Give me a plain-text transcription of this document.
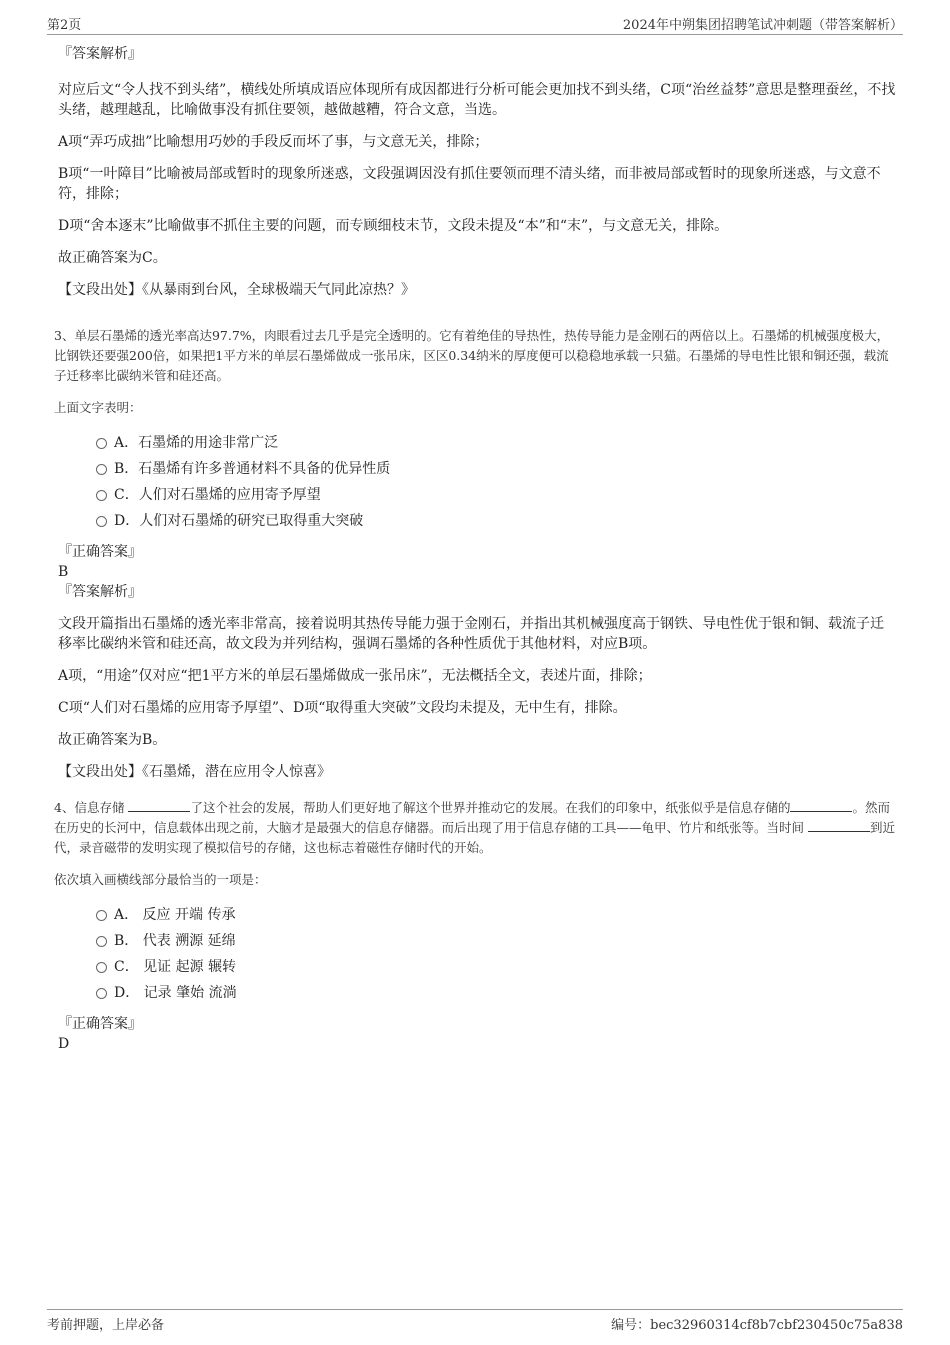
第2页	2024年中朔集团招聘笔试冲刺题（带答案解析）
『答案解析』

对应后文“令人找不到头绪”，横线处所填成语应体现所有成因都进行分析可能会更加找不到头绪，C项“治丝益棼”意思是整理蚕丝，不找头绪，越理越乱，比喻做事没有抓住要领，越做越糟，符合文意，当选。

A项“弄巧成拙”比喻想用巧妙的手段反而坏了事，与文意无关，排除；

B项“一叶障目”比喻被局部或暂时的现象所迷惑，文段强调因没有抓住要领而理不清头绪，而非被局部或暂时的现象所迷惑，与文意不符，排除；

D项“舍本逐末”比喻做事不抓住主要的问题，而专顾细枝末节，文段未提及“本”和“末”，与文意无关，排除。

故正确答案为C。

【文段出处】《从暴雨到台风，全球极端天气同此凉热？》

3、单层石墨烯的透光率高达97.7%，肉眼看过去几乎是完全透明的。它有着绝佳的导热性，热传导能力是金刚石的两倍以上。石墨烯的机械强度极大，比钢铁还要强200倍，如果把1平方米的单层石墨烯做成一张吊床，区区0.34纳米的厚度便可以稳稳地承载一只猫。石墨烯的导电性比银和铜还强，载流子迁移率比碳纳米管和硅还高。

上面文字表明：

A．石墨烯的用途非常广泛
B．石墨烯有许多普通材料不具备的优异性质
C．人们对石墨烯的应用寄予厚望
D．人们对石墨烯的研究已取得重大突破
『正确答案』
B
『答案解析』

文段开篇指出石墨烯的透光率非常高，接着说明其热传导能力强于金刚石，并指出其机械强度高于钢铁、导电性优于银和铜、载流子迁移率比碳纳米管和硅还高，故文段为并列结构，强调石墨烯的各种性质优于其他材料，对应B项。

A项，“用途”仅对应“把1平方米的单层石墨烯做成一张吊床”，无法概括全文，表述片面，排除；

C项“人们对石墨烯的应用寄予厚望”、D项“取得重大突破”文段均未提及，无中生有，排除。

故正确答案为B。

【文段出处】《石墨烯，潜在应用令人惊喜》

4、信息存储	了这个社会的发展，帮助人们更好地了解这个世界并推动它的发展。在我们的印象中，纸张似乎是信息存储的	。然而在历史的长河中，信息载体出现之前，大脑才是最强大的信息存储器。而后出现了用于信息存储的工具——龟甲、竹片和纸张等。当时间	到近代，录音磁带的发明实现了模拟信号的存储，这也标志着磁性存储时代的开始。

依次填入画横线部分最恰当的一项是：

A． 反应 开端 传承
B． 代表 溯源 延绵
C． 见证 起源 辗转
D． 记录 肇始 流淌
『正确答案』
D
考前押题，上岸必备	编号：bec32960314cf8b7cbf230450c75a838
